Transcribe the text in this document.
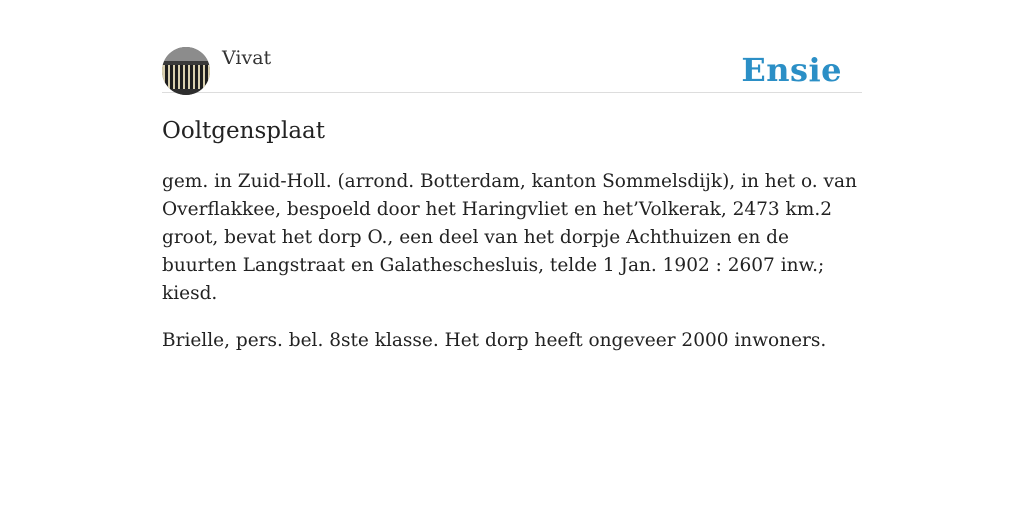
Vivat	Ensie
Ooltgensplaat

gem. in Zuid-Holl. (arrond. Botterdam, kanton Sommelsdijk), in het o. van Overflakkee, bespoeld door het Haringvliet en het’Volkerak, 2473 km.2 groot, bevat het dorp O., een deel van het dorpje Achthuizen en de buurten Langstraat en Galatheschesluis, telde 1 Jan. 1902 : 2607 inw.; kiesd.

Brielle, pers. bel. 8ste klasse. Het dorp heeft ongeveer 2000 inwoners.
